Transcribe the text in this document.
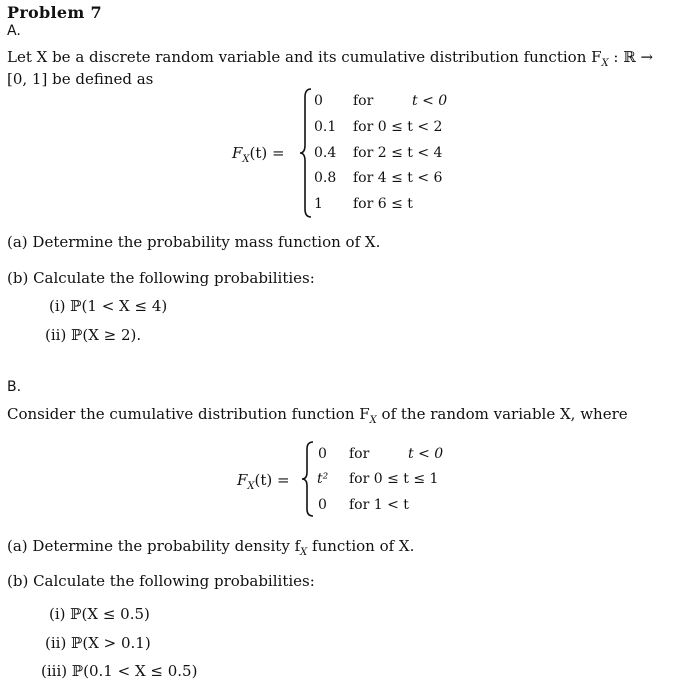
Problem 7
A.
Let X be a discrete random variable and its cumulative distribution function $F_X$ : ℝ →
[0, 1] be defined as
$F_X(t)$ =
0 for	t < 0
0.1 for 0 ≤ t < 2
0.4 for 2 ≤ t < 4
0.8 for 4 ≤ t < 6
1 for 6 ≤ t
(a) Determine the probability mass function of X.
(b) Calculate the following probabilities:
(i) ℙ(1 < X ≤ 4)
(ii) ℙ(X ≥ 2).
B.
Consider the cumulative distribution function $F_X$ of the random variable X, where
$F_X(t)$ =
0 for	t < 0
t² for 0 ≤ t ≤ 1
0 for 1 < t
(a) Determine the probability density $f_X$ function of X.
(b) Calculate the following probabilities:
(i) ℙ(X ≤ 0.5)
(ii) ℙ(X > 0.1)
(iii) ℙ(0.1 < X ≤ 0.5)
